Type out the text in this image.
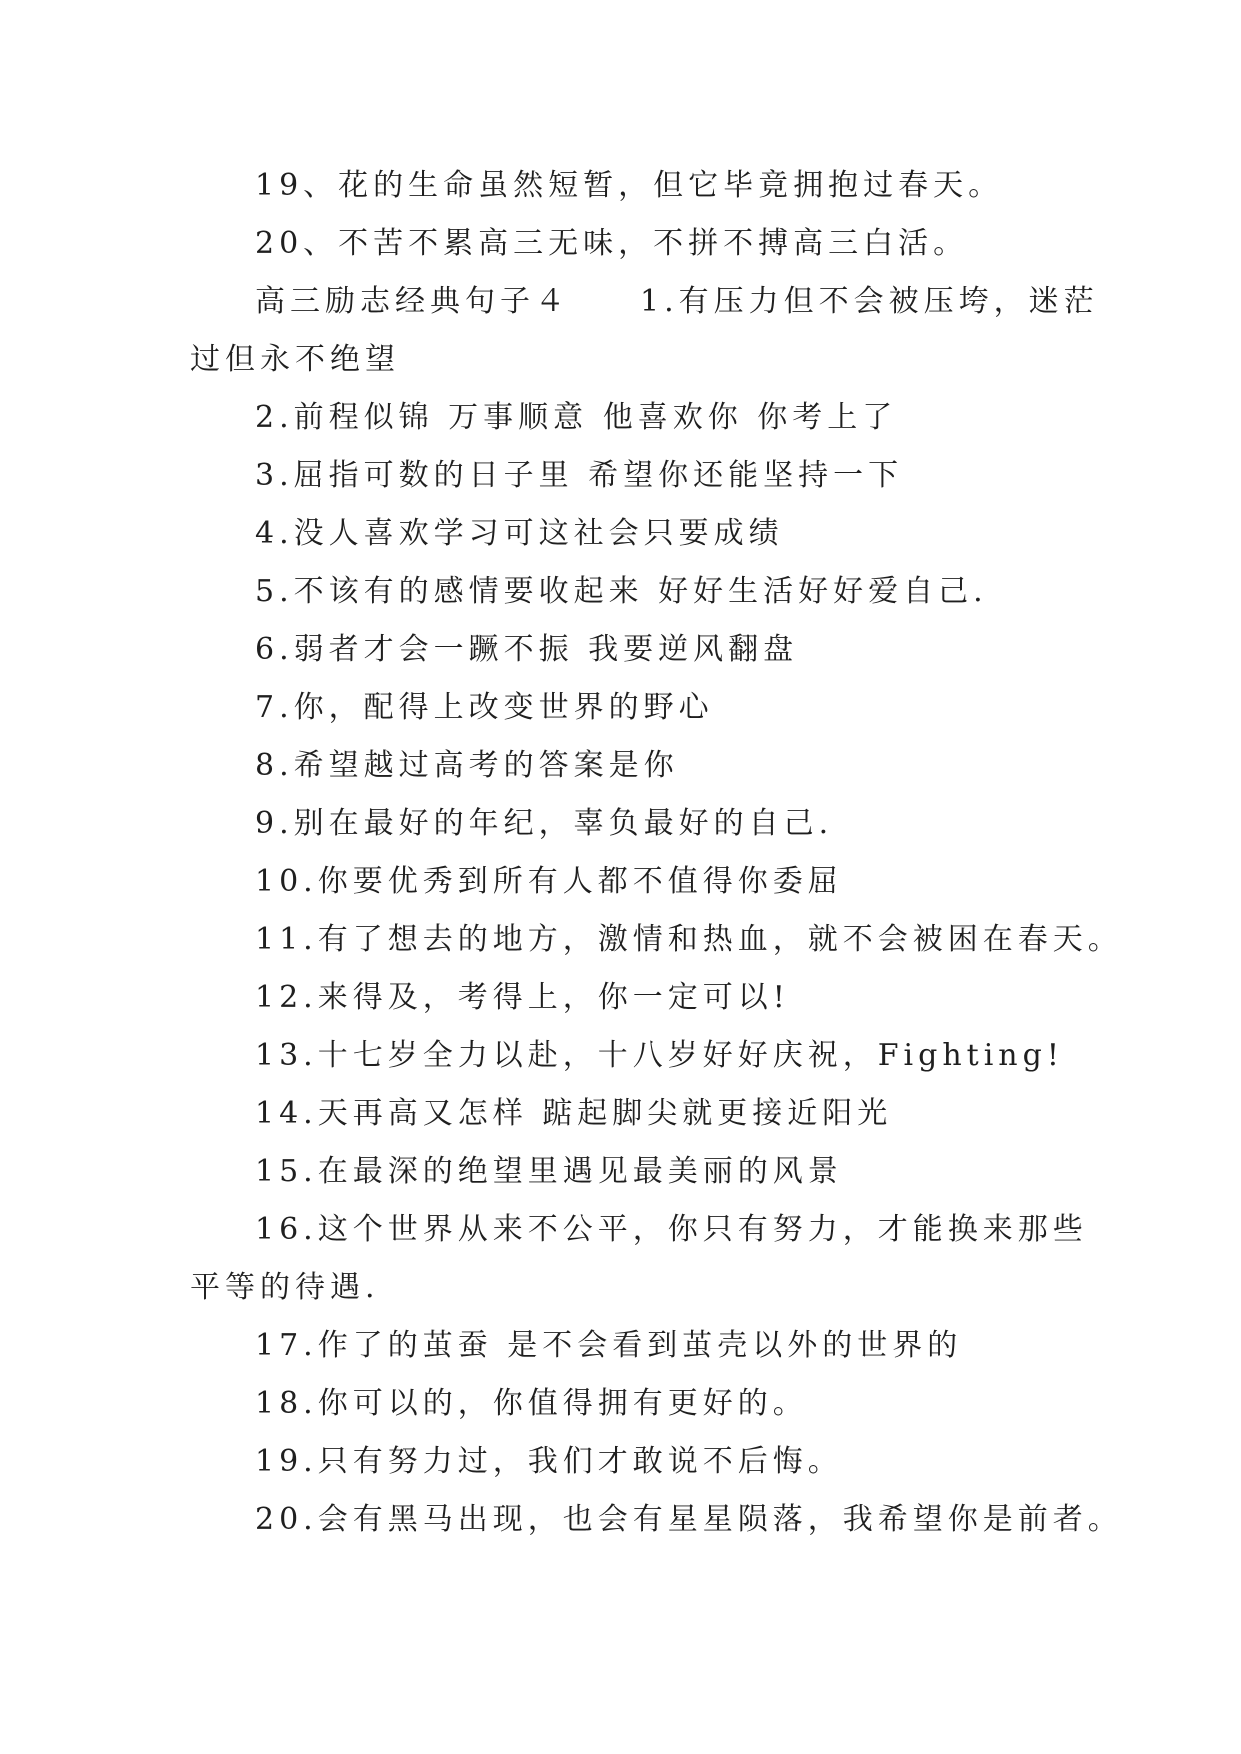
19、花的生命虽然短暂，但它毕竟拥抱过春天。
20、不苦不累高三无味，不拼不搏高三白活。
高三励志经典句子４ 1.有压力但不会被压垮，迷茫
过但永不绝望
2.前程似锦 万事顺意 他喜欢你 你考上了
3.屈指可数的日子里 希望你还能坚持一下
4.没人喜欢学习可这社会只要成绩
5.不该有的感情要收起来 好好生活好好爱自己.
6.弱者才会一蹶不振 我要逆风翻盘
7.你，配得上改变世界的野心
8.希望越过高考的答案是你
9.别在最好的年纪，辜负最好的自己.
10.你要优秀到所有人都不值得你委屈
11.有了想去的地方，激情和热血，就不会被困在春天。
12.来得及，考得上，你一定可以!
13.十七岁全力以赴，十八岁好好庆祝，Fighting!
14.天再高又怎样 踮起脚尖就更接近阳光
15.在最深的绝望里遇见最美丽的风景
16.这个世界从来不公平，你只有努力，才能换来那些
平等的待遇.
17.作了的茧蚕 是不会看到茧壳以外的世界的
18.你可以的，你值得拥有更好的。
19.只有努力过，我们才敢说不后悔。
20.会有黑马出现，也会有星星陨落，我希望你是前者。
